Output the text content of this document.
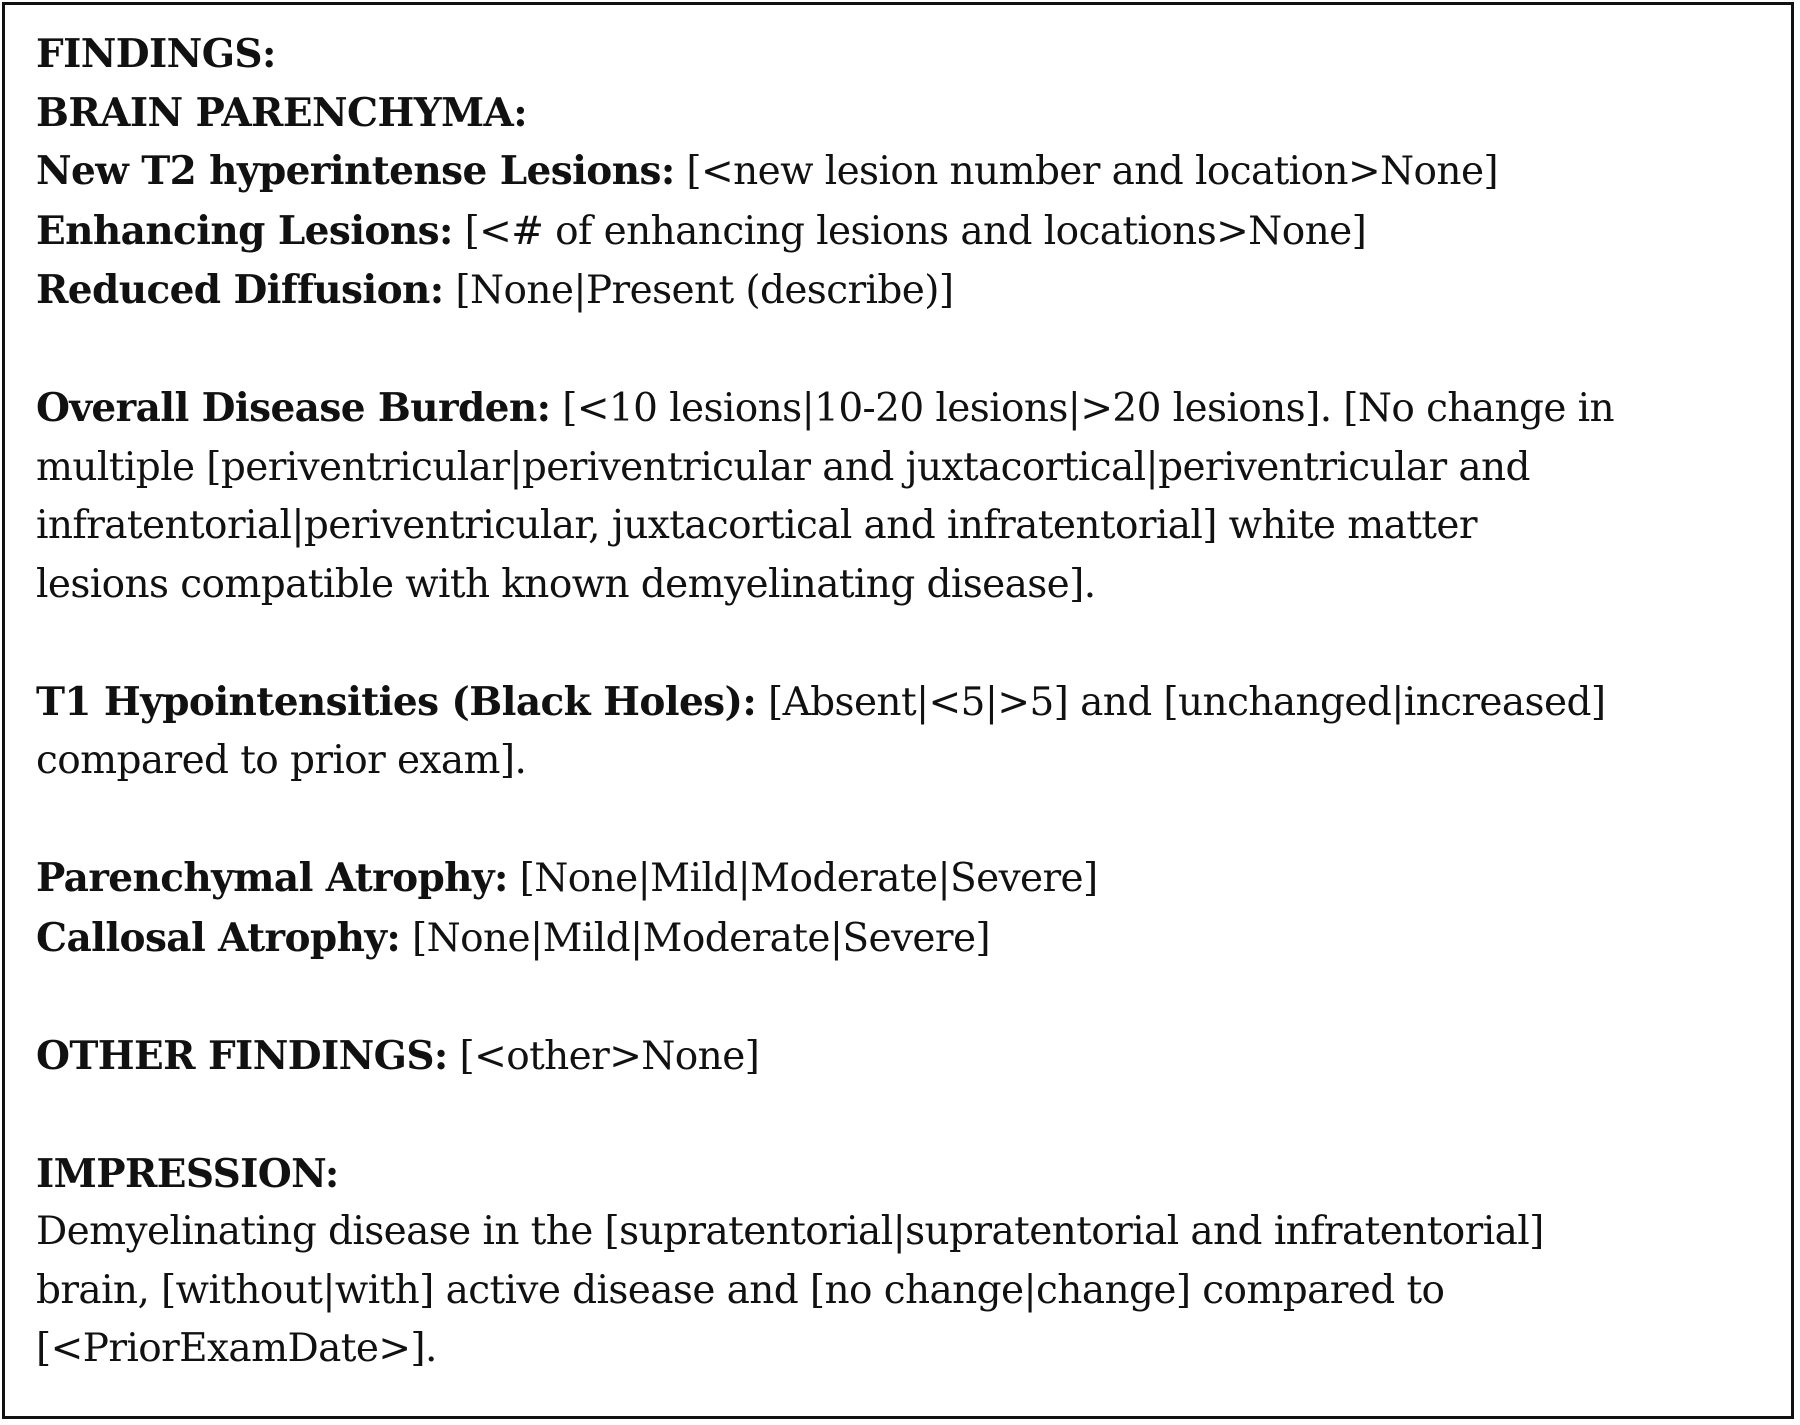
FINDINGS:
BRAIN PARENCHYMA:
New T2 hyperintense Lesions: [<new lesion number and location>None]
Enhancing Lesions: [<# of enhancing lesions and locations>None]
Reduced Diffusion: [None|Present (describe)]
Overall Disease Burden: [<10 lesions|10-20 lesions|>20 lesions]. [No change in
multiple [periventricular|periventricular and juxtacortical|periventricular and
infratentorial|periventricular, juxtacortical and infratentorial] white matter
lesions compatible with known demyelinating disease].
T1 Hypointensities (Black Holes): [Absent|<5|>5] and [unchanged|increased]
compared to prior exam].
Parenchymal Atrophy: [None|Mild|Moderate|Severe]
Callosal Atrophy: [None|Mild|Moderate|Severe]
OTHER FINDINGS: [<other>None]
IMPRESSION:
Demyelinating disease in the [supratentorial|supratentorial and infratentorial]
brain, [without|with] active disease and [no change|change] compared to
[<PriorExamDate>].
